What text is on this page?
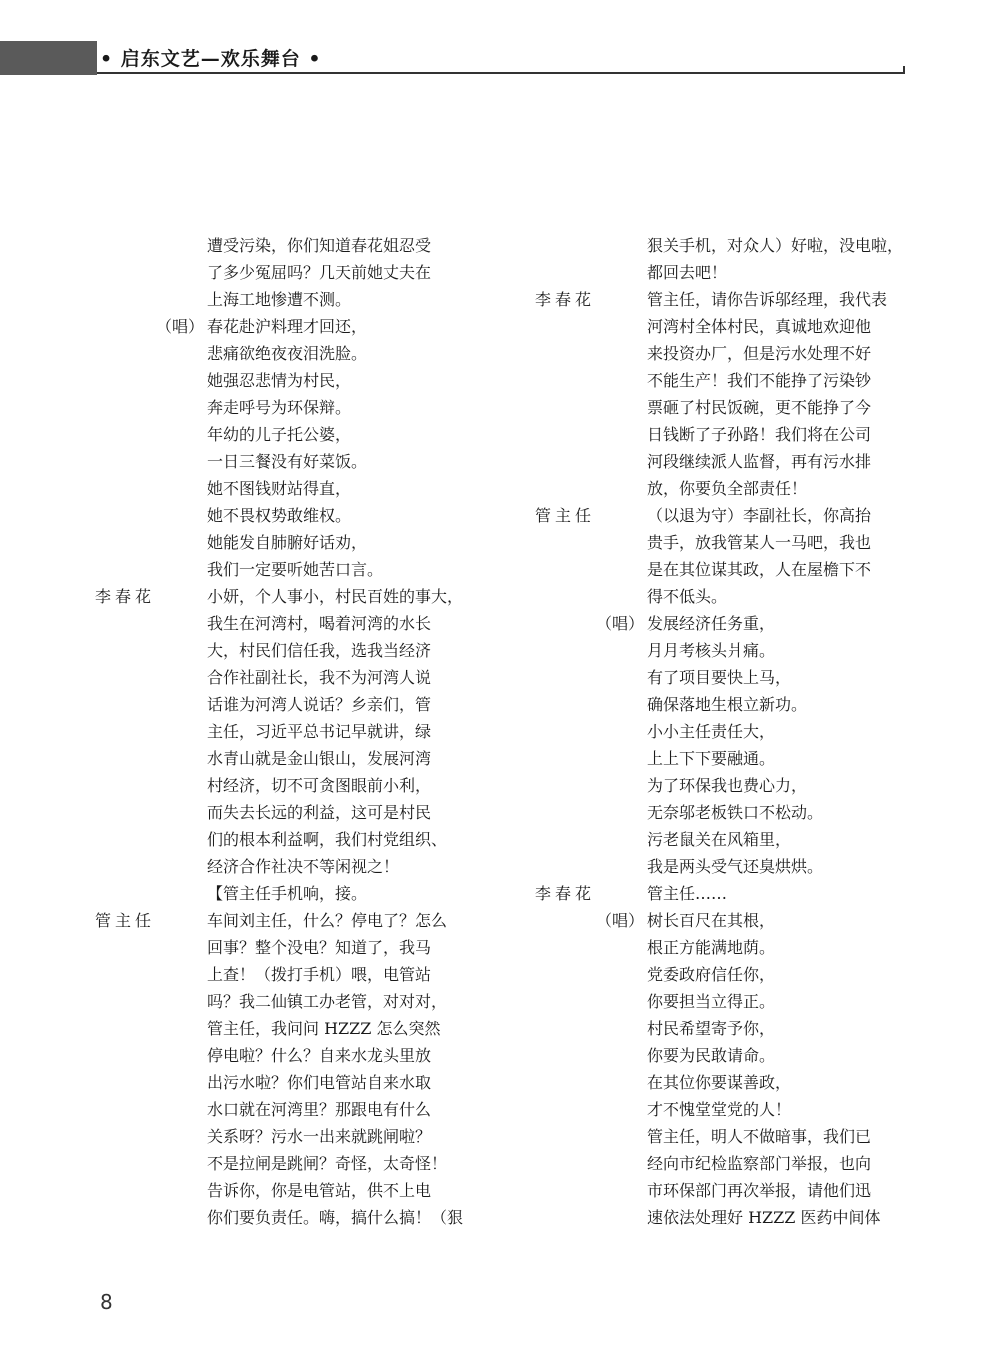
• 启东文艺—欢乐舞台 •
遭受污染，你们知道春花姐忍受
了多少冤屈吗？几天前她丈夫在
上海工地惨遭不测。
（唱） 春花赴沪料理才回还，
悲痛欲绝夜夜泪洗脸。
她强忍悲情为村民，
奔走呼号为环保辩。
年幼的儿子托公婆，
一日三餐没有好菜饭。
她不图钱财站得直，
她不畏权势敢维权。
她能发自肺腑好话劝，
我们一定要听她苦口言。
李春花	小妍，个人事小，村民百姓的事大，
我生在河湾村，喝着河湾的水长
大，村民们信任我，选我当经济
合作社副社长，我不为河湾人说
话谁为河湾人说话？乡亲们，管
主任，习近平总书记早就讲，绿
水青山就是金山银山，发展河湾
村经济，切不可贪图眼前小利，
而失去长远的利益，这可是村民
们的根本利益啊，我们村党组织、
经济合作社决不等闲视之！
【管主任手机响，接。
管主任	车间刘主任，什么？停电了？怎么
回事？整个没电？知道了，我马
上查！（拨打手机）喂，电管站
吗？我二仙镇工办老管，对对对，
管主任，我问问 HZZZ 怎么突然
停电啦？什么？自来水龙头里放
出污水啦？你们电管站自来水取
水口就在河湾里？那跟电有什么
关系呀？污水一出来就跳闸啦？
不是拉闸是跳闸？奇怪，太奇怪！
告诉你，你是电管站，供不上电
你们要负责任。嗨，搞什么搞！（狠
狠关手机，对众人）好啦，没电啦，
都回去吧！
李春花	管主任，请你告诉邬经理，我代表
河湾村全体村民，真诚地欢迎他
来投资办厂，但是污水处理不好
不能生产！我们不能挣了污染钞
票砸了村民饭碗，更不能挣了今
日钱断了子孙路！我们将在公司
河段继续派人监督，再有污水排
放，你要负全部责任！
管主任	（以退为守）李副社长，你高抬
贵手，放我管某人一马吧，我也
是在其位谋其政，人在屋檐下不
得不低头。
（唱） 发展经济任务重，
月月考核头爿痛。
有了项目要快上马，
确保落地生根立新功。
小小主任责任大，
上上下下要融通。
为了环保我也费心力，
无奈邬老板铁口不松动。
污老鼠关在风箱里，
我是两头受气还臭烘烘。
李春花	管主任……
（唱） 树长百尺在其根，
根正方能满地荫。
党委政府信任你，
你要担当立得正。
村民希望寄予你，
你要为民敢请命。
在其位你要谋善政，
才不愧堂堂党的人！
管主任，明人不做暗事，我们已
经向市纪检监察部门举报，也向
市环保部门再次举报，请他们迅
速依法处理好 HZZZ 医药中间体
8
